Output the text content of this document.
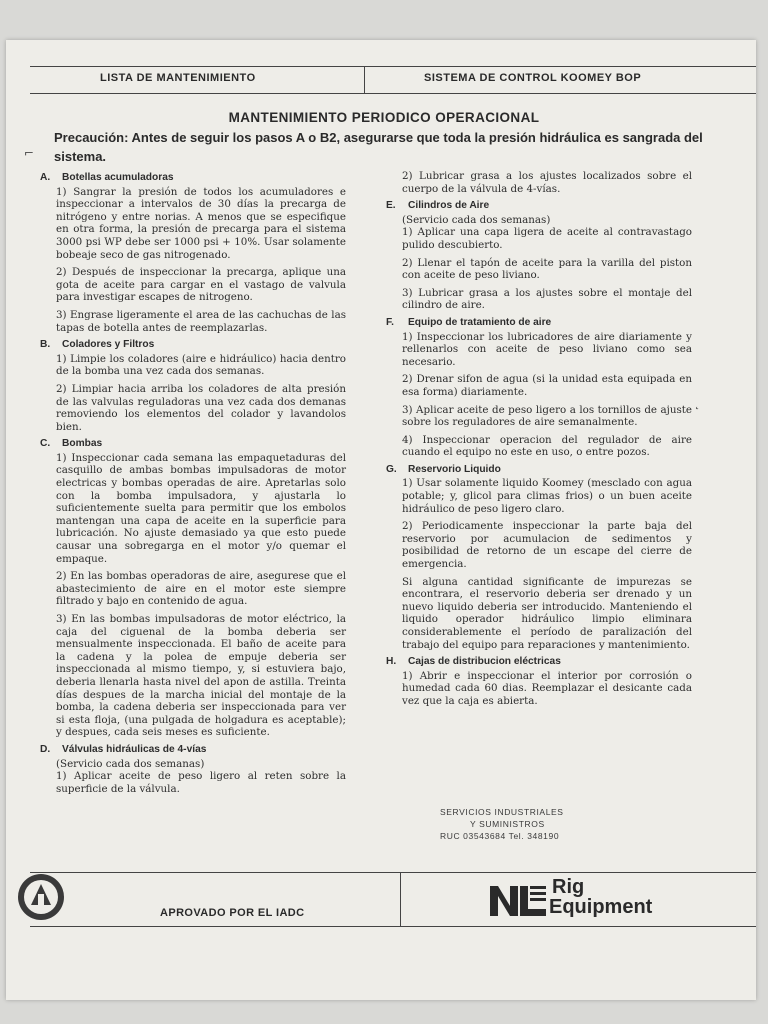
LISTA DE MANTENIMIENTO	SISTEMA DE CONTROL KOOMEY BOP
MANTENIMIENTO PERIODICO OPERACIONAL
Precaución: Antes de seguir los pasos A o B2, asegurarse que toda la presión hidráulica es sangrada del sistema.
A. Botellas acumuladoras
1) Sangrar la presión de todos los acumuladores e inspeccionar a intervalos de 30 días la precarga de nitrógeno y entre norias. A menos que se especifique en otra forma, la presión de precarga para el sistema 3000 psi WP debe ser 1000 psi + 10%. Usar solamente bobeaje seco de gas nitrogenado.
2) Después de inspeccionar la precarga, aplique una gota de aceite para cargar en el vastago de valvula para investigar escapes de nitrogeno.
3) Engrase ligeramente el area de las cachuchas de las tapas de botella antes de reemplazarlas.
B. Coladores y Filtros
1) Limpie los coladores (aire e hidráulico) hacia dentro de la bomba una vez cada dos semanas.
2) Limpiar hacia arriba los coladores de alta presión de las valvulas reguladoras una vez cada dos demanas removiendo los elementos del colador y lavandolos bien.
C. Bombas
1) Inspeccionar cada semana las empaquetaduras del casquillo de ambas bombas impulsadoras de motor electricas y bombas operadas de aire. Apretarlas solo con la bomba impulsadora, y ajustarla lo suficientemente suelta para permitir que los embolos mantengan una capa de aceite en la superficie para lubricación. No ajuste demasiado ya que esto puede causar una sobregarga en el motor y/o quemar el empaque.
2) En las bombas operadoras de aire, asegurese que el abastecimiento de aire en el motor este siempre filtrado y bajo en contenido de agua.
3) En las bombas impulsadoras de motor eléctrico, la caja del ciguenal de la bomba deberia ser mensualmente inspeccionada. El baño de aceite para la cadena y la polea de empuje deberia ser inspeccionada al mismo tiempo, y, si estuviera bajo, deberia llenarla hasta nivel del apon de astilla. Treinta días despues de la marcha inicial del montaje de la bomba, la cadena deberia ser inspeccionada para ver si esta floja, (una pulgada de holgadura es aceptable); y despues, cada seis meses es suficiente.
D. Válvulas hidráulicas de 4-vías
(Servicio cada dos semanas)
1) Aplicar aceite de peso ligero al reten sobre la superficie de la válvula.
2) Lubricar grasa a los ajustes localizados sobre el cuerpo de la válvula de 4-vías.
E. Cilindros de Aire
(Servicio cada dos semanas)
1) Aplicar una capa ligera de aceite al contravastago pulido descubierto.
2) Llenar el tapón de aceite para la varilla del piston con aceite de peso liviano.
3) Lubricar grasa a los ajustes sobre el montaje del cilindro de aire.
F.	Equipo de tratamiento de aire
1) Inspeccionar los lubricadores de aire diariamente y rellenarlos con aceite de peso liviano como sea necesario.
2) Drenar sifon de agua (si la unidad esta equipada en esa forma) diariamente.
3) Aplicar aceite de peso ligero a los tornillos de ajuste sobre los reguladores de aire semanalmente.
4) Inspeccionar operacion del regulador de aire cuando el equipo no este en uso, o entre pozos.
G. Reservorio Liquido
1) Usar solamente liquido Koomey (mesclado con agua potable; y, glicol para climas frios) o un buen aceite hidráulico de peso ligero claro.
2) Periodicamente inspeccionar la parte baja del reservorio por acumulacion de sedimentos y posibilidad de retorno de un escape del cierre de emergencia.
Si alguna cantidad significante de impurezas se encontrara, el reservorio deberia ser drenado y un nuevo liquido deberia ser introducido. Manteniendo el liquido operador hidráulico limpio eliminara considerablemente el período de paralización del trabajo del equipo para reparaciones y mantenimiento.
H. Cajas de distribucion eléctricas
1) Abrir e inspeccionar el interior por corrosión o humedad cada 60 dias. Reemplazar el desicante cada vez que la caja es abierta.
SERVICIOS INDUSTRIALES
Y SUMINISTROS
RUC 03543684 Tel. 348190
APROVADO POR EL IADC
Rig
Equipment
⌐
˛
